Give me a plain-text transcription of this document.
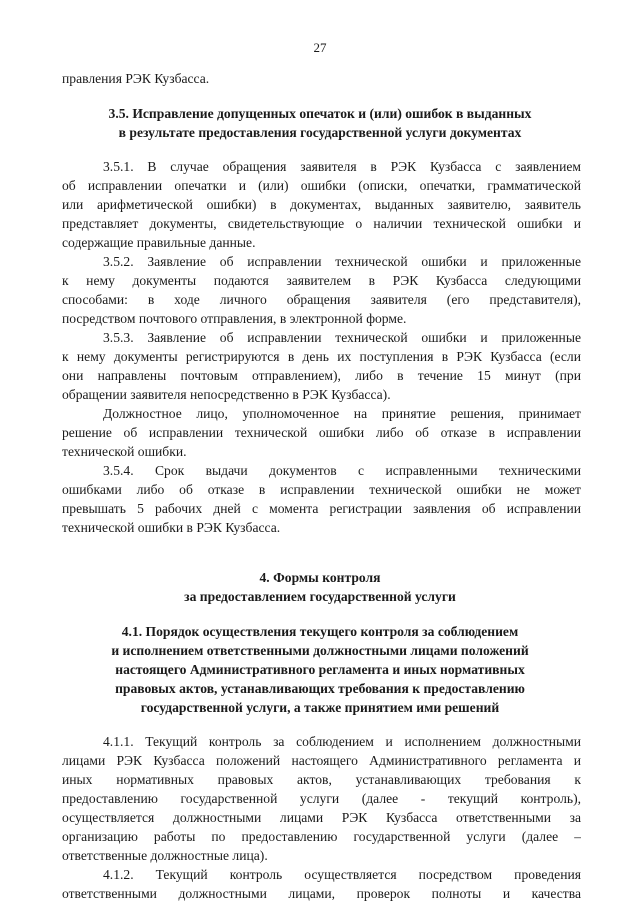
27
правления РЭК Кузбасса.
3.5. Исправление допущенных опечаток и (или) ошибок в выданных
в результате предоставления государственной услуги документах
3.5.1. В случае обращения заявителя в РЭК Кузбасса с заявлением
об исправлении опечатки и (или) ошибки (описки, опечатки, грамматической
или арифметической ошибки) в документах, выданных заявителю, заявитель
представляет документы, свидетельствующие о наличии технической ошибки и
содержащие правильные данные.
3.5.2. Заявление об исправлении технической ошибки и приложенные
к нему документы подаются заявителем в РЭК Кузбасса следующими
способами: в ходе личного обращения заявителя (его представителя),
посредством почтового отправления, в электронной форме.
3.5.3. Заявление об исправлении технической ошибки и приложенные
к нему документы регистрируются в день их поступления в РЭК Кузбасса (если
они направлены почтовым отправлением), либо в течение 15 минут (при
обращении заявителя непосредственно в РЭК Кузбасса).
Должностное лицо, уполномоченное на принятие решения, принимает
решение об исправлении технической ошибки либо об отказе в исправлении
технической ошибки.
3.5.4. Срок выдачи документов с исправленными техническими
ошибками либо об отказе в исправлении технической ошибки не может
превышать 5 рабочих дней с момента регистрации заявления об исправлении
технической ошибки в РЭК Кузбасса.
4. Формы контроля
за предоставлением государственной услуги
4.1. Порядок осуществления текущего контроля за соблюдением
и исполнением ответственными должностными лицами положений
настоящего Административного регламента и иных нормативных
правовых актов, устанавливающих требования к предоставлению
государственной услуги, а также принятием ими решений
4.1.1. Текущий контроль за соблюдением и исполнением должностными
лицами РЭК Кузбасса положений настоящего Административного регламента и
иных нормативных правовых актов, устанавливающих требования к
предоставлению государственной услуги (далее - текущий контроль),
осуществляется должностными лицами РЭК Кузбасса ответственными за
организацию работы по предоставлению государственной услуги (далее –
ответственные должностные лица).
4.1.2. Текущий контроль осуществляется посредством проведения
ответственными должностными лицами, проверок полноты и качества
